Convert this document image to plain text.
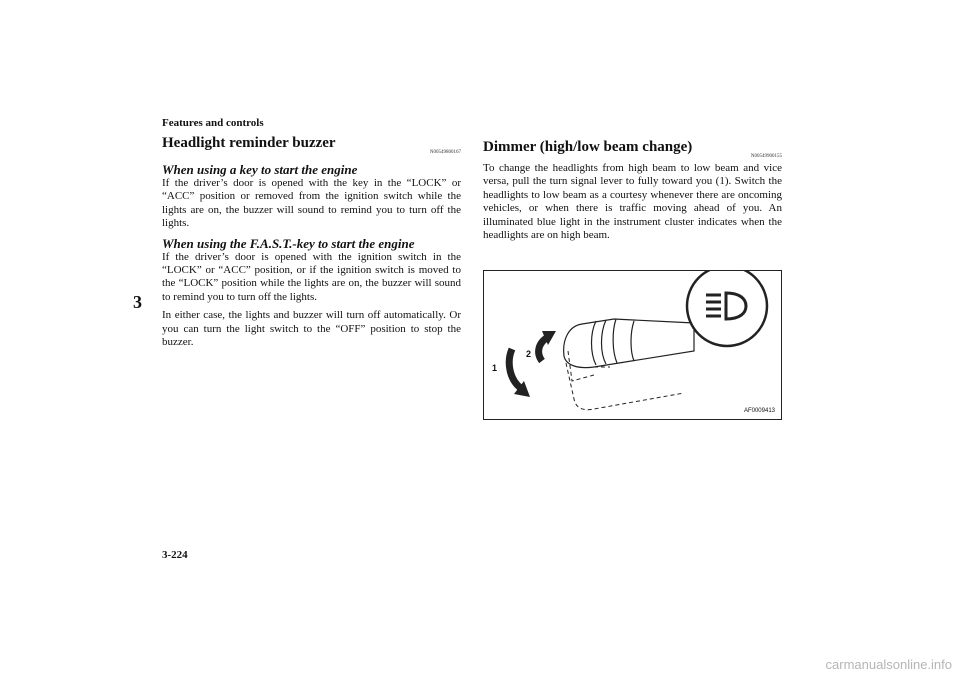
Features and controls
3
Headlight reminder buzzer
N00549800167
When using a key to start the engine

If the driver’s door is opened with the key in the “LOCK” or “ACC” position or removed from the ignition switch while the lights are on, the buzzer will sound to remind you to turn off the lights.

When using the F.A.S.T.-key to start the engine

If the driver’s door is opened with the ignition switch in the “LOCK” or “ACC” position, or if the ignition switch is moved to the “LOCK” position while the lights are on, the buzzer will sound to remind you to turn off the lights.

In either case, the lights and buzzer will turn off automatically. Or you can turn the light switch to the “OFF” position to stop the buzzer.

Dimmer (high/low beam change)
N00549900155

To change the headlights from high beam to low beam and vice versa, pull the turn signal lever to fully toward you (1). Switch the headlights to low beam as a courtesy whenever there are oncoming vehicles, or when there is traffic moving ahead of you. An illuminated blue light in the instrument cluster indicates when the headlights are on high beam.

1
2
AF0009413
3-224
carmanualsonline.info
